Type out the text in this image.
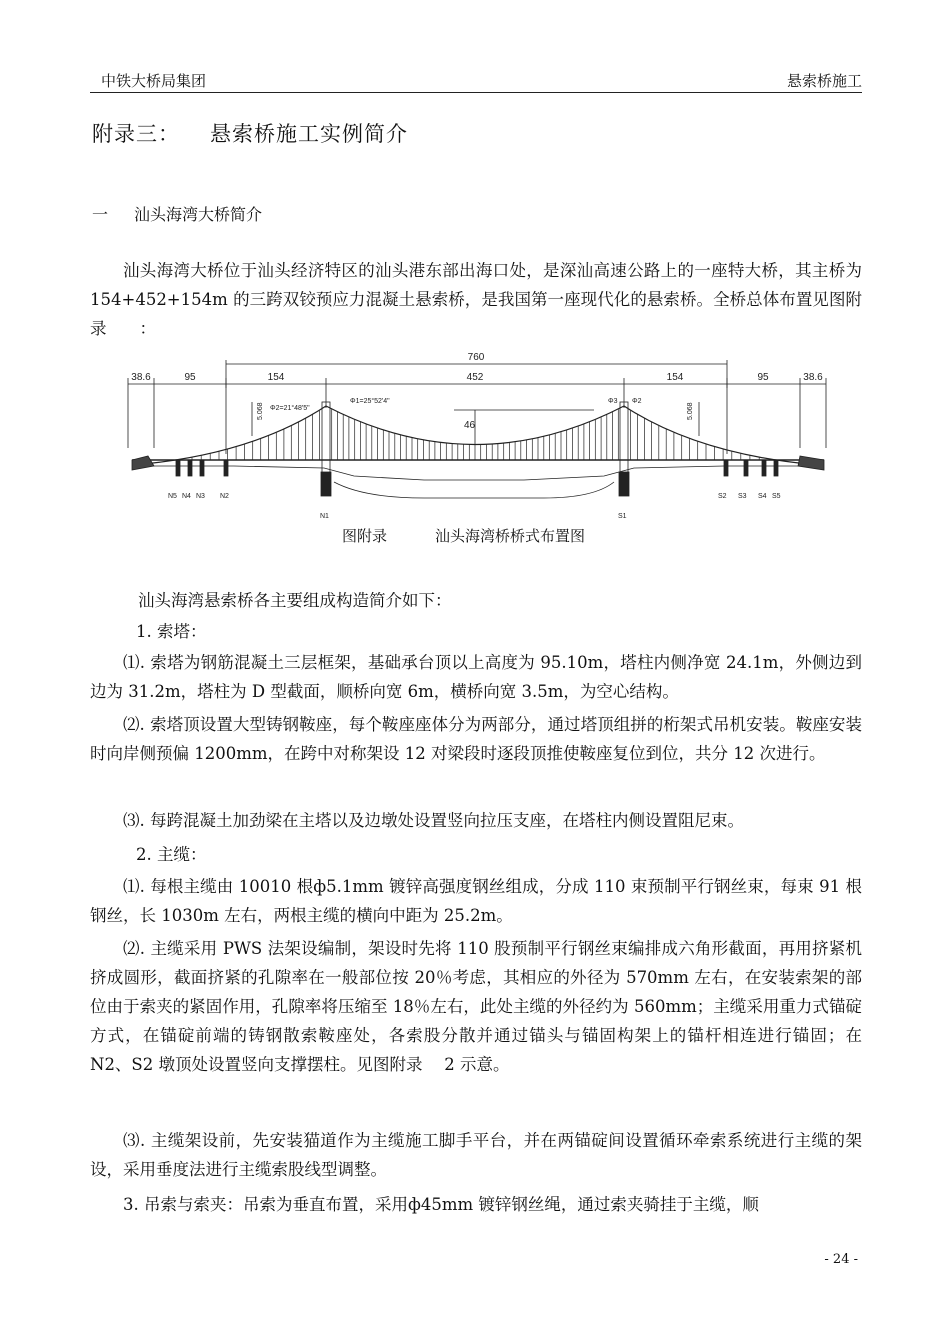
中铁大桥局集团	悬索桥施工
附录三： 悬索桥施工实例简介
一 汕头海湾大桥简介
汕头海湾大桥位于汕头经济特区的汕头港东部出海口处，是深汕高速公路上的一座特大桥，其主桥为 154+452+154m 的三跨双铰预应力混凝土悬索桥，是我国第一座现代化的悬索桥。全桥总体布置见图附录　　：
760
38.6	95	154	452	154	95	38.6
46
5.068	5.068
Φ1=25°52'4"
Φ2=21°48'5"
Φ3 Φ2
N5 N4 N3 N2
N1	S1
S2 S3 S4 S5
图附录	汕头海湾桥桥式布置图
汕头海湾悬索桥各主要组成构造简介如下：
1. 索塔：
⑴. 索塔为钢筋混凝土三层框架，基础承台顶以上高度为 95.10m，塔柱内侧净宽 24.1m，外侧边到边为 31.2m，塔柱为 D 型截面，顺桥向宽 6m，横桥向宽 3.5m，为空心结构。
⑵. 索塔顶设置大型铸钢鞍座，每个鞍座座体分为两部分，通过塔顶组拼的桁架式吊机安装。鞍座安装时向岸侧预偏 1200mm，在跨中对称架设 12 对梁段时逐段顶推使鞍座复位到位，共分 12 次进行。
⑶. 每跨混凝土加劲梁在主塔以及边墩处设置竖向拉压支座，在塔柱内侧设置阻尼束。
2. 主缆：
⑴. 每根主缆由 10010 根ф5.1mm 镀锌高强度钢丝组成，分成 110 束预制平行钢丝束，每束 91 根钢丝，长 1030m 左右，两根主缆的横向中距为 25.2m。
⑵. 主缆采用 PWS 法架设编制，架设时先将 110 股预制平行钢丝束编排成六角形截面，再用挤紧机挤成圆形，截面挤紧的孔隙率在一般部位按 20％考虑，其相应的外径为 570mm 左右，在安装索架的部位由于索夹的紧固作用，孔隙率将压缩至 18％左右，此处主缆的外径约为 560mm；主缆采用重力式锚碇方式，在锚碇前端的铸钢散索鞍座处，各索股分散并通过锚头与锚固构架上的锚杆相连进行锚固；在 N2、S2 墩顶处设置竖向支撑摆柱。见图附录　 2 示意。
⑶. 主缆架设前，先安装猫道作为主缆施工脚手平台，并在两锚碇间设置循环牵索系统进行主缆的架设，采用垂度法进行主缆索股线型调整。
3. 吊索与索夹：吊索为垂直布置，采用ф45mm 镀锌钢丝绳，通过索夹骑挂于主缆，顺
- 24 -
